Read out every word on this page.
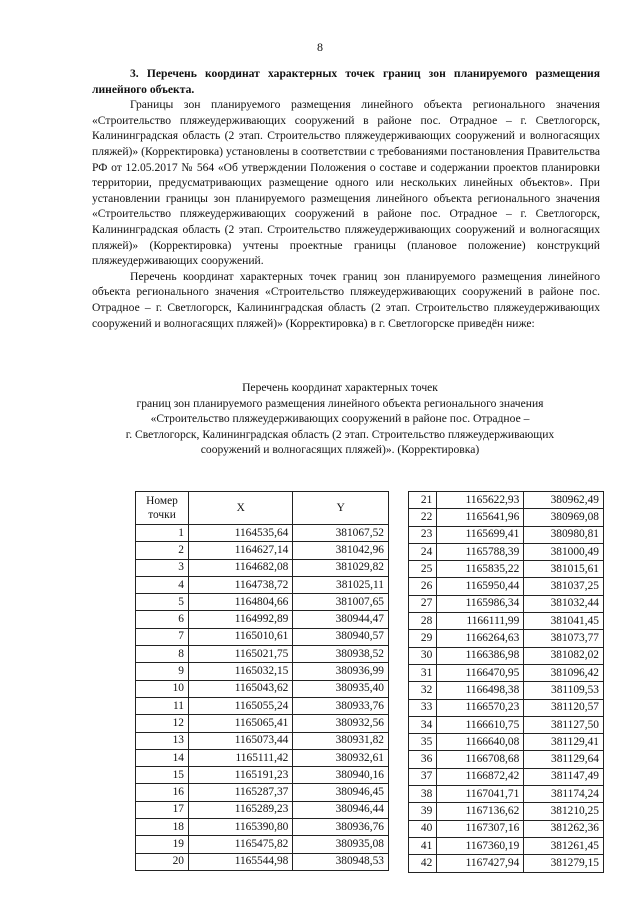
8

3. Перечень координат характерных точек границ зон планируемого размещения линейного объекта.

Границы зон планируемого размещения линейного объекта регионального значения «Строительство пляжеудерживающих сооружений в районе пос. Отрадное – г. Светлогорск, Калининградская область (2 этап. Строительство пляжеудерживающих сооружений и волногасящих пляжей)» (Корректировка) установлены в соответствии с требованиями постановления Правительства РФ от 12.05.2017 № 564 «Об утверждении Положения о составе и содержании проектов планировки территории, предусматривающих размещение одного или нескольких линейных объектов». При установлении границы зон планируемого размещения линейного объекта регионального значения «Строительство пляжеудерживающих сооружений в районе пос. Отрадное – г. Светлогорск, Калининградская область (2 этап. Строительство пляжеудерживающих сооружений и волногасящих пляжей)» (Корректировка) учтены проектные границы (плановое положение) конструкций пляжеудерживающих сооружений.

Перечень координат характерных точек границ зон планируемого размещения линейного объекта регионального значения «Строительство пляжеудерживающих сооружений в районе пос. Отрадное – г. Светлогорск, Калининградская область (2 этап. Строительство пляжеудерживающих сооружений и волногасящих пляжей)» (Корректировка) в г. Светлогорске приведён ниже:

Перечень координат характерных точек
границ зон планируемого размещения линейного объекта регионального значения
«Строительство пляжеудерживающих сооружений в районе пос. Отрадное –
г. Светлогорск, Калининградская область (2 этап. Строительство пляжеудерживающих
сооружений и волногасящих пляжей)». (Корректировка)
Номер
точки	X	Y
1	1164535,64	381067,52
2	1164627,14	381042,96
3	1164682,08	381029,82
4	1164738,72	381025,11
5	1164804,66	381007,65
6	1164992,89	380944,47
7	1165010,61	380940,57
8	1165021,75	380938,52
9	1165032,15	380936,99
10	1165043,62	380935,40
11	1165055,24	380933,76
12	1165065,41	380932,56
13	1165073,44	380931,82
14	1165111,42	380932,61
15	1165191,23	380940,16
16	1165287,37	380946,45
17	1165289,23	380946,44
18	1165390,80	380936,76
19	1165475,82	380935,08
20	1165544,98	380948,53
21	1165622,93	380962,49
22	1165641,96	380969,08
23	1165699,41	380980,81
24	1165788,39	381000,49
25	1165835,22	381015,61
26	1165950,44	381037,25
27	1165986,34	381032,44
28	1166111,99	381041,45
29	1166264,63	381073,77
30	1166386,98	381082,02
31	1166470,95	381096,42
32	1166498,38	381109,53
33	1166570,23	381120,57
34	1166610,75	381127,50
35	1166640,08	381129,41
36	1166708,68	381129,64
37	1166872,42	381147,49
38	1167041,71	381174,24
39	1167136,62	381210,25
40	1167307,16	381262,36
41	1167360,19	381261,45
42	1167427,94	381279,15
